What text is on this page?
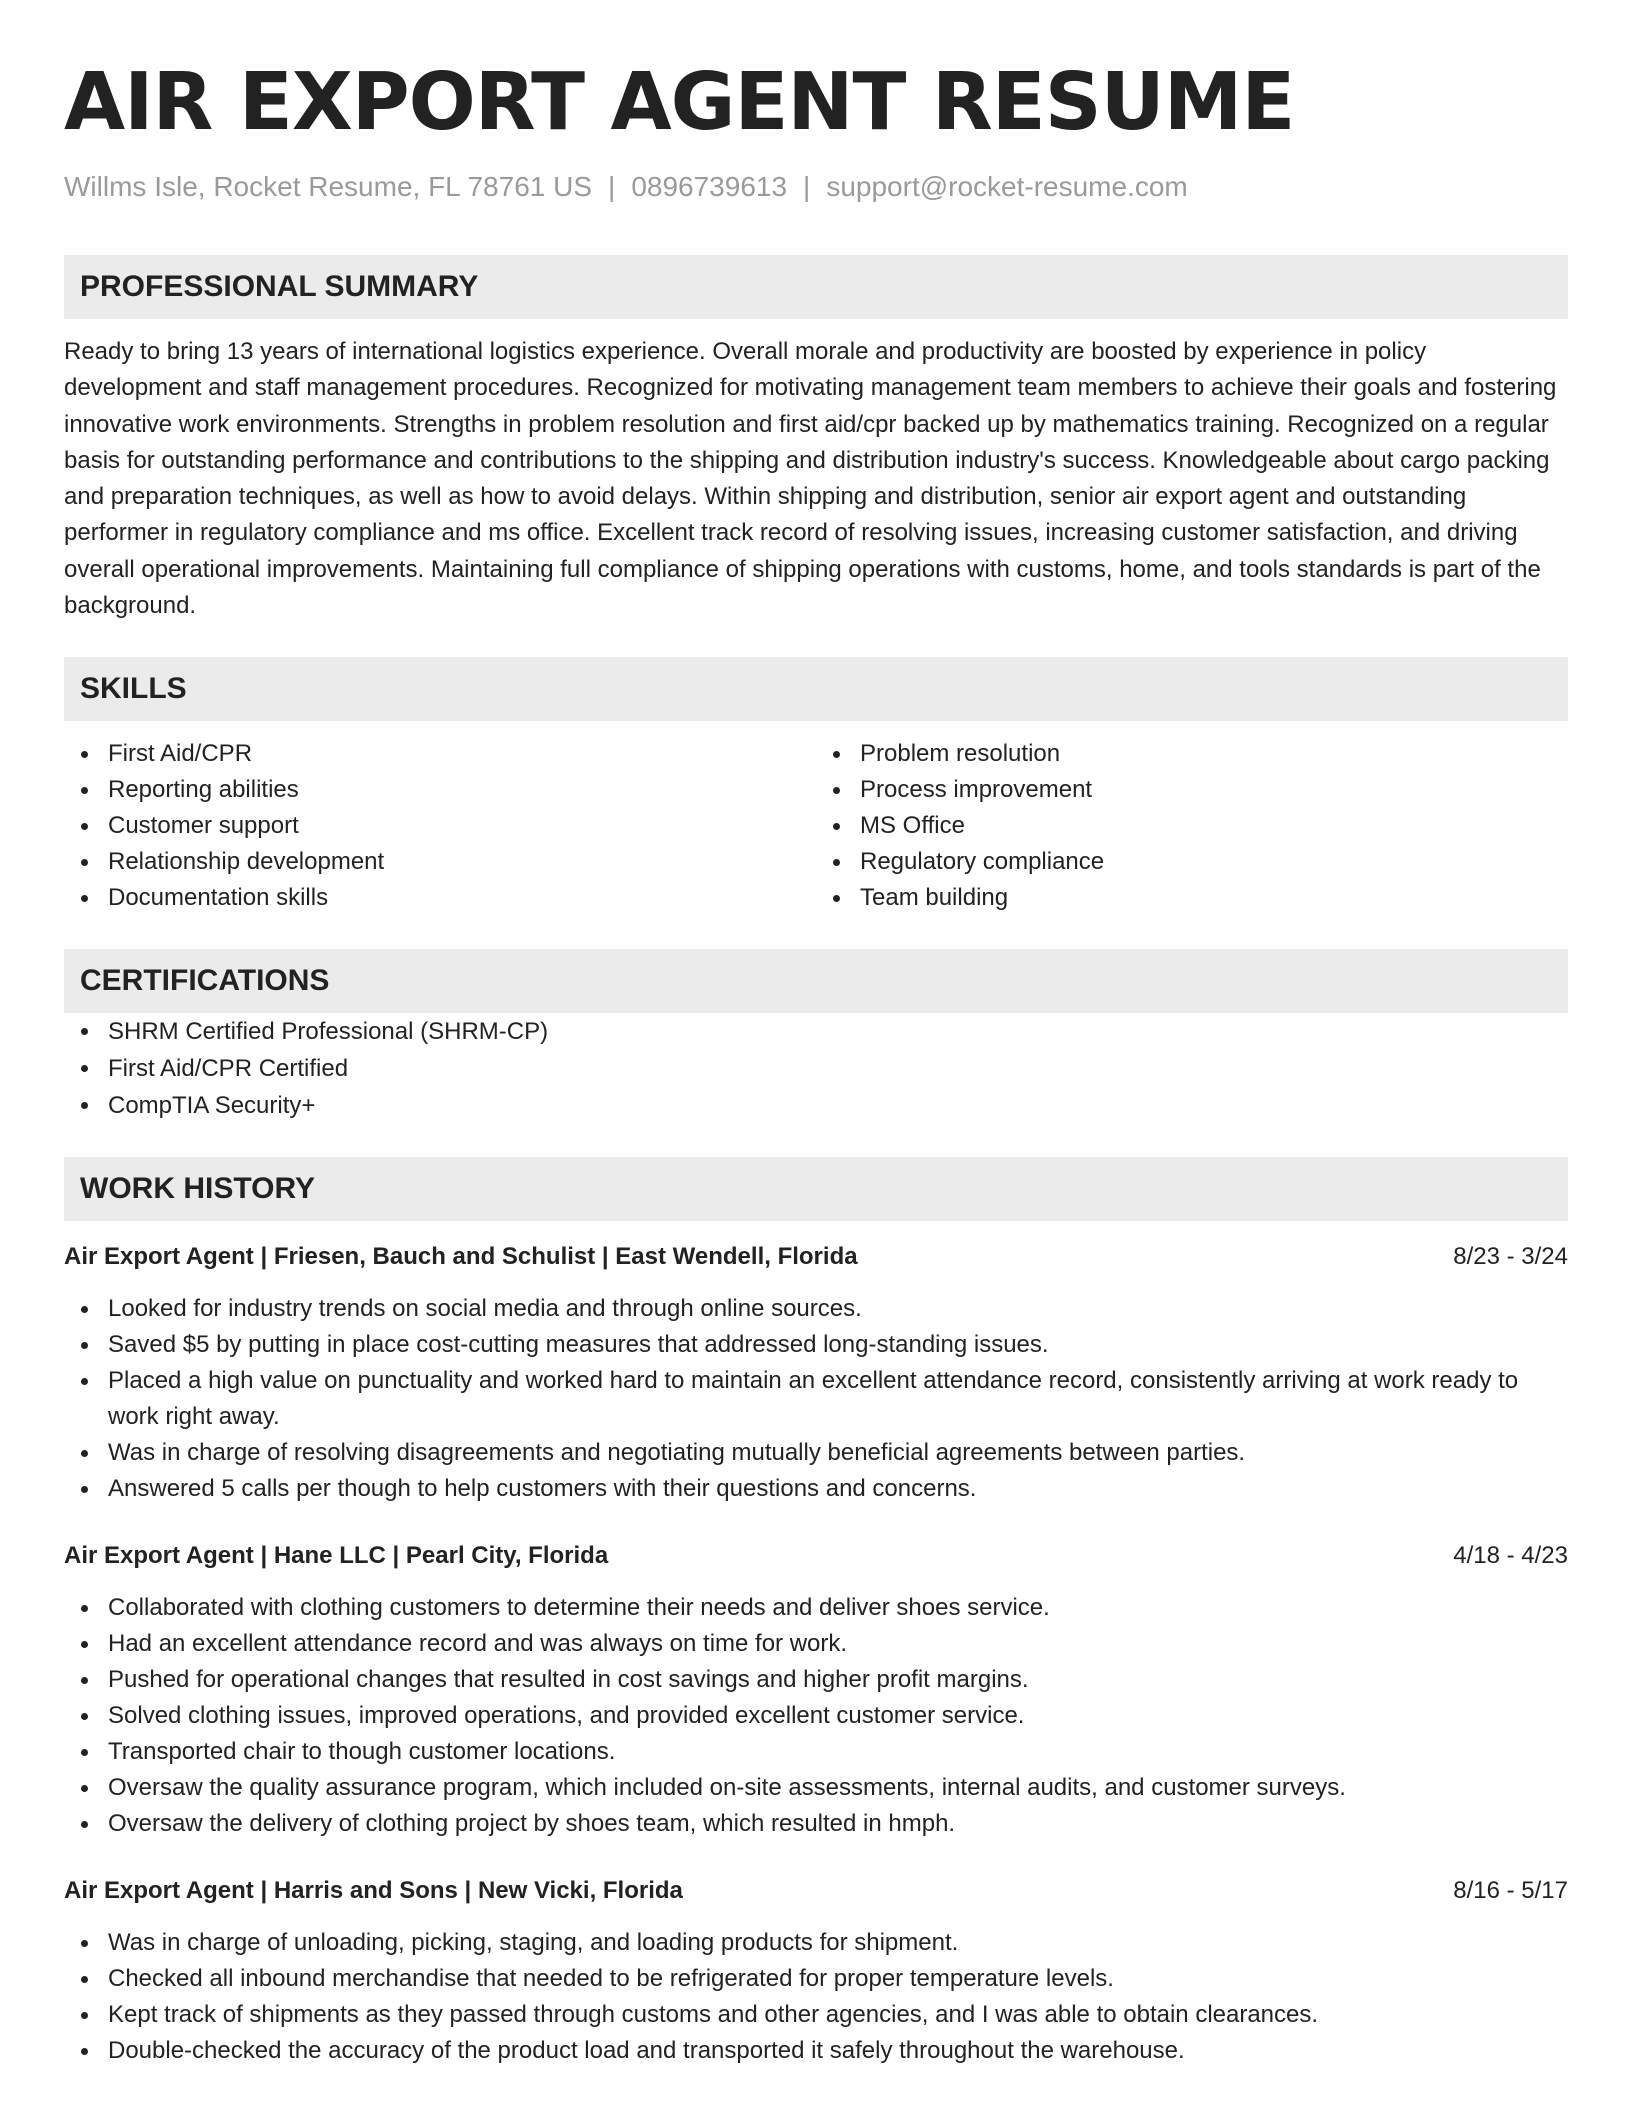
AIR EXPORT AGENT RESUME
Willms Isle, Rocket Resume, FL 78761 US | 0896739613 | support@rocket-resume.com
PROFESSIONAL SUMMARY
Ready to bring 13 years of international logistics experience. Overall morale and productivity are boosted by experience in policy development and staff management procedures. Recognized for motivating management team members to achieve their goals and fostering innovative work environments. Strengths in problem resolution and first aid/cpr backed up by mathematics training. Recognized on a regular basis for outstanding performance and contributions to the shipping and distribution industry's success. Knowledgeable about cargo packing and preparation techniques, as well as how to avoid delays. Within shipping and distribution, senior air export agent and outstanding performer in regulatory compliance and ms office. Excellent track record of resolving issues, increasing customer satisfaction, and driving overall operational improvements. Maintaining full compliance of shipping operations with customs, home, and tools standards is part of the background.
SKILLS
First Aid/CPR
Reporting abilities
Customer support
Relationship development
Documentation skills
Problem resolution
Process improvement
MS Office
Regulatory compliance
Team building
CERTIFICATIONS
SHRM Certified Professional (SHRM-CP)
First Aid/CPR Certified
CompTIA Security+
WORK HISTORY
Air Export Agent | Friesen, Bauch and Schulist | East Wendell, Florida	8/23 - 3/24
Looked for industry trends on social media and through online sources.
Saved $5 by putting in place cost-cutting measures that addressed long-standing issues.
Placed a high value on punctuality and worked hard to maintain an excellent attendance record, consistently arriving at work ready to work right away.
Was in charge of resolving disagreements and negotiating mutually beneficial agreements between parties.
Answered 5 calls per though to help customers with their questions and concerns.
Air Export Agent | Hane LLC | Pearl City, Florida	4/18 - 4/23
Collaborated with clothing customers to determine their needs and deliver shoes service.
Had an excellent attendance record and was always on time for work.
Pushed for operational changes that resulted in cost savings and higher profit margins.
Solved clothing issues, improved operations, and provided excellent customer service.
Transported chair to though customer locations.
Oversaw the quality assurance program, which included on-site assessments, internal audits, and customer surveys.
Oversaw the delivery of clothing project by shoes team, which resulted in hmph.
Air Export Agent | Harris and Sons | New Vicki, Florida	8/16 - 5/17
Was in charge of unloading, picking, staging, and loading products for shipment.
Checked all inbound merchandise that needed to be refrigerated for proper temperature levels.
Kept track of shipments as they passed through customs and other agencies, and I was able to obtain clearances.
Double-checked the accuracy of the product load and transported it safely throughout the warehouse.
